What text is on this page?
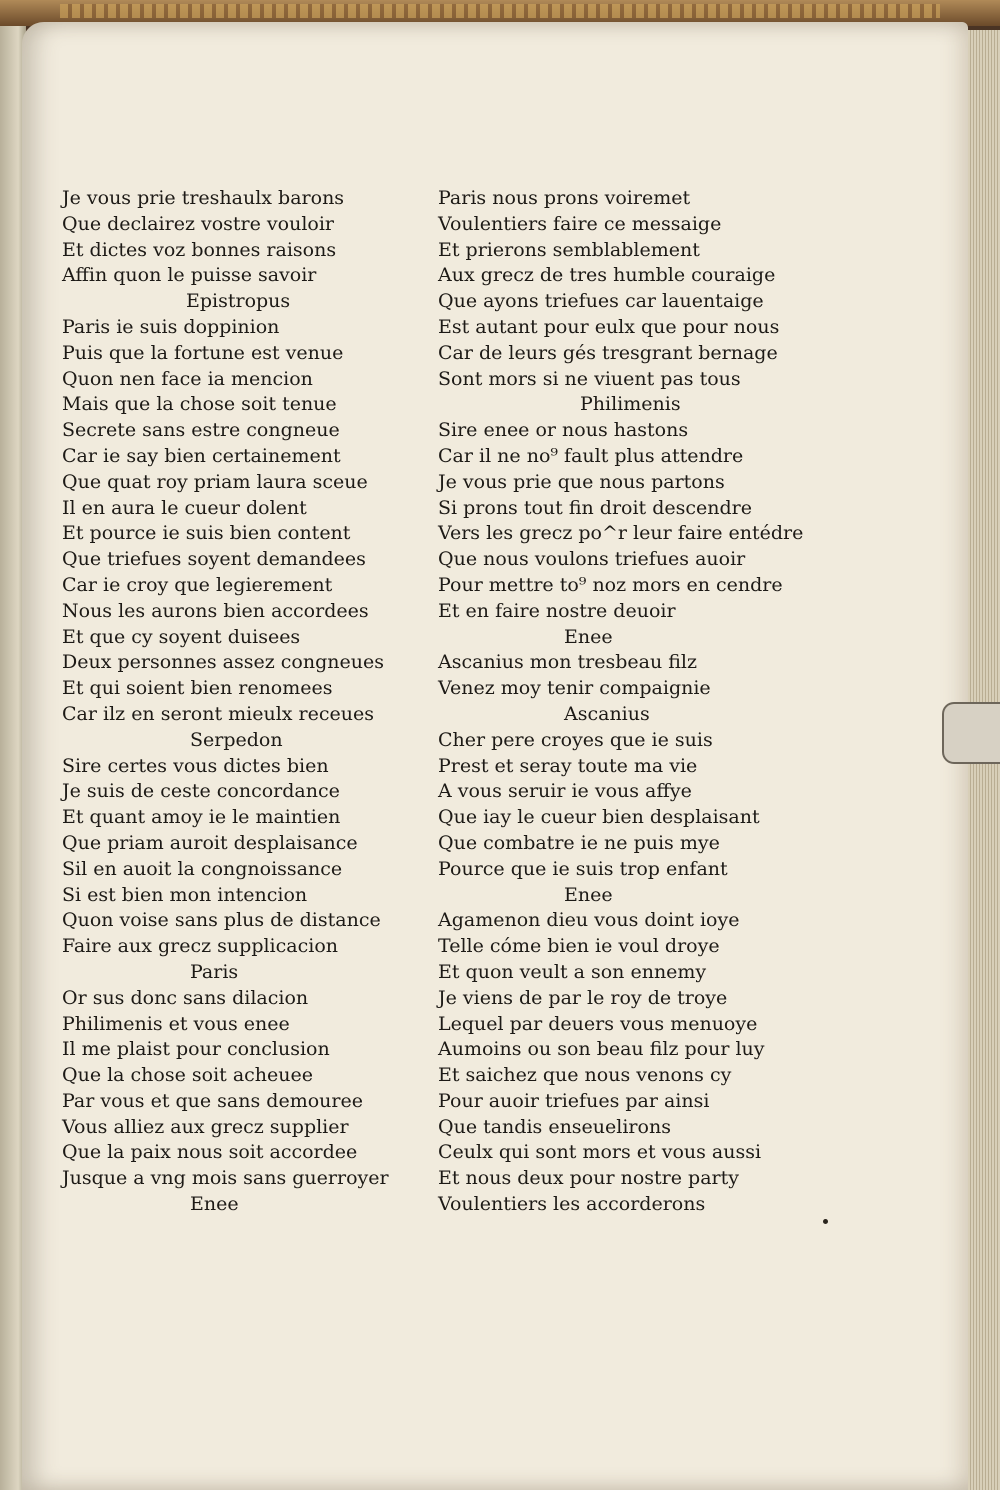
Je vous prie treshaulx barons
Que declairez vostre vouloir
Et dictes voz bonnes raisons
Affin quon le puisse savoir
Epistropus
Paris ie suis doppinion
Puis que la fortune est venue
Quon nen face ia mencion
Mais que la chose soit tenue
Secrete sans estre congneue
Car ie say bien certainement
Que quat roy priam laura sceue
Il en aura le cueur dolent
Et pource ie suis bien content
Que triefues soyent demandees
Car ie croy que legierement
Nous les aurons bien accordees
Et que cy soyent duisees
Deux personnes assez congneues
Et qui soient bien renomees
Car ilz en seront mieulx receues
Serpedon
Sire certes vous dictes bien
Je suis de ceste concordance
Et quant amoy ie le maintien
Que priam auroit desplaisance
Sil en auoit la congnoissance
Si est bien mon intencion
Quon voise sans plus de distance
Faire aux grecz supplicacion
Paris
Or sus donc sans dilacion
Philimenis et vous enee
Il me plaist pour conclusion
Que la chose soit acheuee
Par vous et que sans demouree
Vous alliez aux grecz supplier
Que la paix nous soit accordee
Jusque a vng mois sans guerroyer
Enee
Paris nous prons voiremet
Voulentiers faire ce messaige
Et prierons semblablement
Aux grecz de tres humble couraige
Que ayons triefues car lauentaige
Est autant pour eulx que pour nous
Car de leurs gés tresgrant bernage
Sont mors si ne viuent pas tous
Philimenis
Sire enee or nous hastons
Car il ne no⁹ fault plus attendre
Je vous prie que nous partons
Si prons tout fin droit descendre
Vers les grecz po^r leur faire entédre
Que nous voulons triefues auoir
Pour mettre to⁹ noz mors en cendre
Et en faire nostre deuoir
Enee
Ascanius mon tresbeau filz
Venez moy tenir compaignie
Ascanius
Cher pere croyes que ie suis
Prest et seray toute ma vie
A vous seruir ie vous affye
Que iay le cueur bien desplaisant
Que combatre ie ne puis mye
Pource que ie suis trop enfant
Enee
Agamenon dieu vous doint ioye
Telle cóme bien ie voul droye
Et quon veult a son ennemy
Je viens de par le roy de troye
Lequel par deuers vous menuoye
Aumoins ou son beau filz pour luy
Et saichez que nous venons cy
Pour auoir triefues par ainsi
Que tandis enseuelirons
Ceulx qui sont mors et vous aussi
Et nous deux pour nostre party
Voulentiers les accorderons
